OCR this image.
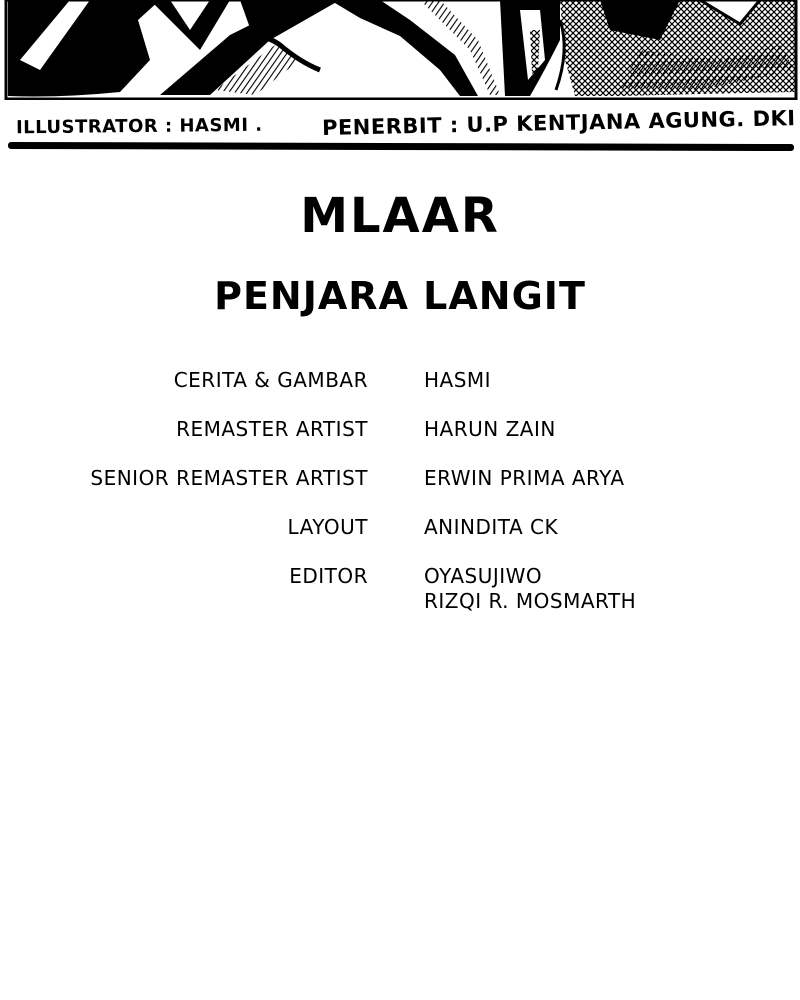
ILLUSTRATOR : HASMI .	PENERBIT : U.P KENTJANA AGUNG. DKI
MLAAR
PENJARA LANGIT
CERITA & GAMBAR	HASMI
REMASTER ARTIST	HARUN ZAIN
SENIOR REMASTER ARTIST	ERWIN PRIMA ARYA
LAYOUT	ANINDITA CK
EDITOR	OYASUJIWO
RIZQI R. MOSMARTH
